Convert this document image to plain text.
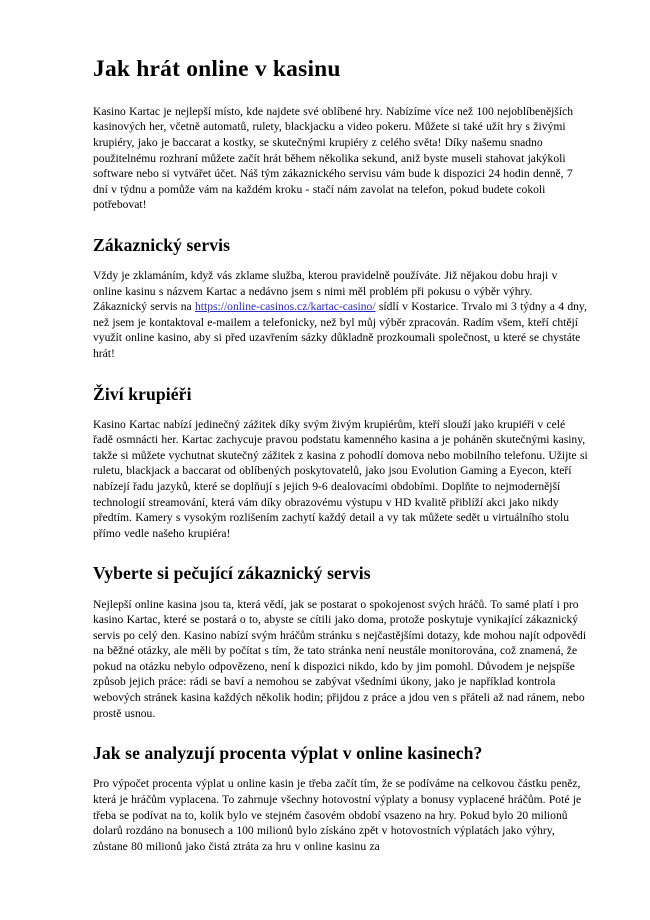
Jak hrát online v kasinu

Kasino Kartac je nejlepší místo, kde najdete své oblíbené hry. Nabízíme více než 100 nejoblíbenějších kasinových her, včetně automatů, rulety, blackjacku a video pokeru. Můžete si také užít hry s živými krupiéry, jako je baccarat a kostky, se skutečnými krupiéry z celého světa! Díky našemu snadno použitelnému rozhraní můžete začít hrát během několika sekund, aniž byste museli stahovat jakýkoli software nebo si vytvářet účet. Náš tým zákaznického servisu vám bude k dispozici 24 hodin denně, 7 dní v týdnu a pomůže vám na každém kroku - stačí nám zavolat na telefon, pokud budete cokoli potřebovat!

Zákaznický servis

Vždy je zklamáním, když vás zklame služba, kterou pravidelně používáte. Již nějakou dobu hraji v online kasinu s názvem Kartac a nedávno jsem s nimi měl problém při pokusu o výběr výhry. Zákaznický servis na https://online-casinos.cz/kartac-casino/ sídlí v Kostarice. Trvalo mi 3 týdny a 4 dny, než jsem je kontaktoval e-mailem a telefonicky, než byl můj výběr zpracován. Radím všem, kteří chtějí využít online kasino, aby si před uzavřením sázky důkladně prozkoumali společnost, u které se chystáte hrát!

Živí krupiéři

Kasino Kartac nabízí jedinečný zážitek díky svým živým krupiérům, kteří slouží jako krupiéři v celé řadě osmnácti her. Kartac zachycuje pravou podstatu kamenného kasina a je poháněn skutečnými kasiny, takže si můžete vychutnat skutečný zážitek z kasina z pohodlí domova nebo mobilního telefonu. Užijte si ruletu, blackjack a baccarat od oblíbených poskytovatelů, jako jsou Evolution Gaming a Eyecon, kteří nabízejí řadu jazyků, které se doplňují s jejich 9-6 dealovacími obdobími. Doplňte to nejmodernější technologií streamování, která vám díky obrazovému výstupu v HD kvalitě přiblíží akci jako nikdy předtím. Kamery s vysokým rozlišením zachytí každý detail a vy tak můžete sedět u virtuálního stolu přímo vedle našeho krupiéra!

Vyberte si pečující zákaznický servis

Nejlepší online kasina jsou ta, která vědí, jak se postarat o spokojenost svých hráčů. To samé platí i pro kasino Kartac, které se postará o to, abyste se cítili jako doma, protože poskytuje vynikající zákaznický servis po celý den. Kasino nabízí svým hráčům stránku s nejčastějšími dotazy, kde mohou najít odpovědi na běžné otázky, ale měli by počítat s tím, že tato stránka není neustále monitorována, což znamená, že pokud na otázku nebylo odpovězeno, není k dispozici nikdo, kdo by jim pomohl. Důvodem je nejspíše způsob jejich práce: rádi se baví a nemohou se zabývat všedními úkony, jako je například kontrola webových stránek kasina každých několik hodin; přijdou z práce a jdou ven s přáteli až nad ránem, nebo prostě usnou.

Jak se analyzují procenta výplat v online kasinech?

Pro výpočet procenta výplat u online kasin je třeba začít tím, že se podíváme na celkovou částku peněz, která je hráčům vyplacena. To zahrnuje všechny hotovostní výplaty a bonusy vyplacené hráčům. Poté je třeba se podívat na to, kolik bylo ve stejném časovém období vsazeno na hry. Pokud bylo 20 milionů dolarů rozdáno na bonusech a 100 milionů bylo získáno zpět v hotovostních výplatách jako výhry, zůstane 80 milionů jako čistá ztráta za hru v online kasinu za
